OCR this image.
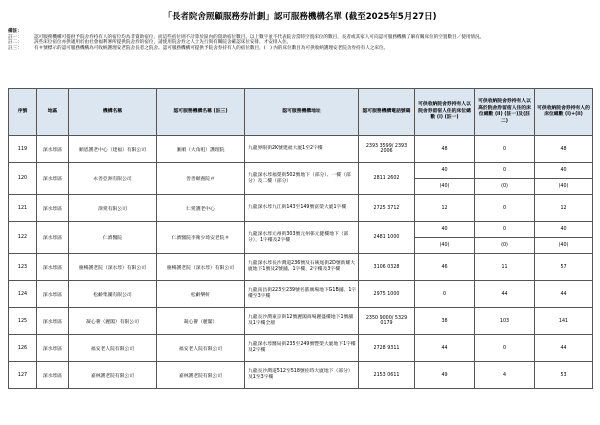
「長者院舍照顧服務券計劃」認可服務機構名單 (截至2025年5月27日)
備註：
註一：	認可服務機構可提供予院舍券持有人的宿位均為非資助宿位，而這些宿位則不計算於區內的資助宿位數目。以上數字並不代表院舍當時空置床位的數目，長者或其家人可向認可服務機構了解有關床位的空置數目／使用情況。
註二：	該些床位宿位亦供適用於由社會福利署所提供院舍券的宿位，請使用院舍券之人士先行與有關院舍確認床位安排，才安排入住。
註三：	有＃號標示的認可服務機構為可收納護理安老院舍長者之院舍。認可服務機構可提供予院舍券持有人的宿位數目，(　) 內的床位數目為可供收納護理安老院舍券持有人之床位。
序號	地區	機構名稱	認可服務機構名稱 (註三)	認可服務機構地址	認可服務機構電話號碼	可供收納院舍券持有人以院舍券留宿人住的床位總數 (i) (註一)	可供收納院舍券持有人以高於院舍券留宿人住的床位總數 (ii) (註一)及(註二)	可供收納院舍券持有人的床位總數 (i)+(ii)
119	深水埗區	順恩護老中心（建福）有限公司	滙順（大角咀）護理院	九龍界限街2K號建福大廈1至2字樓	2393 3599/ 2393 2006	48	0	48
120	深水埗區	永善亞洲有限公司	善善頤養院＃	九龍深水埗福榮街502號地下（部分）、一樓（部分）及二樓（部分）	2811 2602	40	0	40
						(40)	(0)	(40)
121	深水埗區	澤愛有限公司	仁愛護老中心	九龍深水埗九江街143至149號富榮大廈1字樓	2725 3712	12	0	12
122	深水埗區	仁濟醫院	仁濟醫院李衛少琦安老院＃	九龍深水埗元州街303號元州邨元健樓地下（部分）、1字樓及2字樓	2481 1000	40	0	40
						(40)	(0)	(40)
123	深水埗區	慶暢護老院（深水埗）有限公司	慶暢護老院（深水埗）有限公司	九龍深水埗長沙灣道236號及石硤尾街2D號新耀大廈地下1號及2號舖、1字樓、2字樓及3字樓	3106 0328	46	11	57
124	深水埗區	松齡集團有限公司	松齡樂軒	九龍南昌街223至239號名都廣場地下G1B舖、1字樓至3字樓	2975 1000	0	44	44
125	深水埗區	凝心薈（麗閣）有限公司	凝心薈（麗閣）	九龍長沙灣東京街12號麗閣商場麗盛樓地下1號舖及1字樓全層	2350 9000/ 5329 0179	38	103	141
126	深水埗區	福安老人院有限公司	福安老人院有限公司	九龍深水埗醫局街235至249號豐榮大廈地下1字樓及2字樓	2728 9311	44	0	44
127	深水埗區	嘉林護老院有限公司	嘉林護老院有限公司	九龍長沙灣道512至518號佐時大廈地下（部分）及1至3字樓	2153 0611	49	4	53
